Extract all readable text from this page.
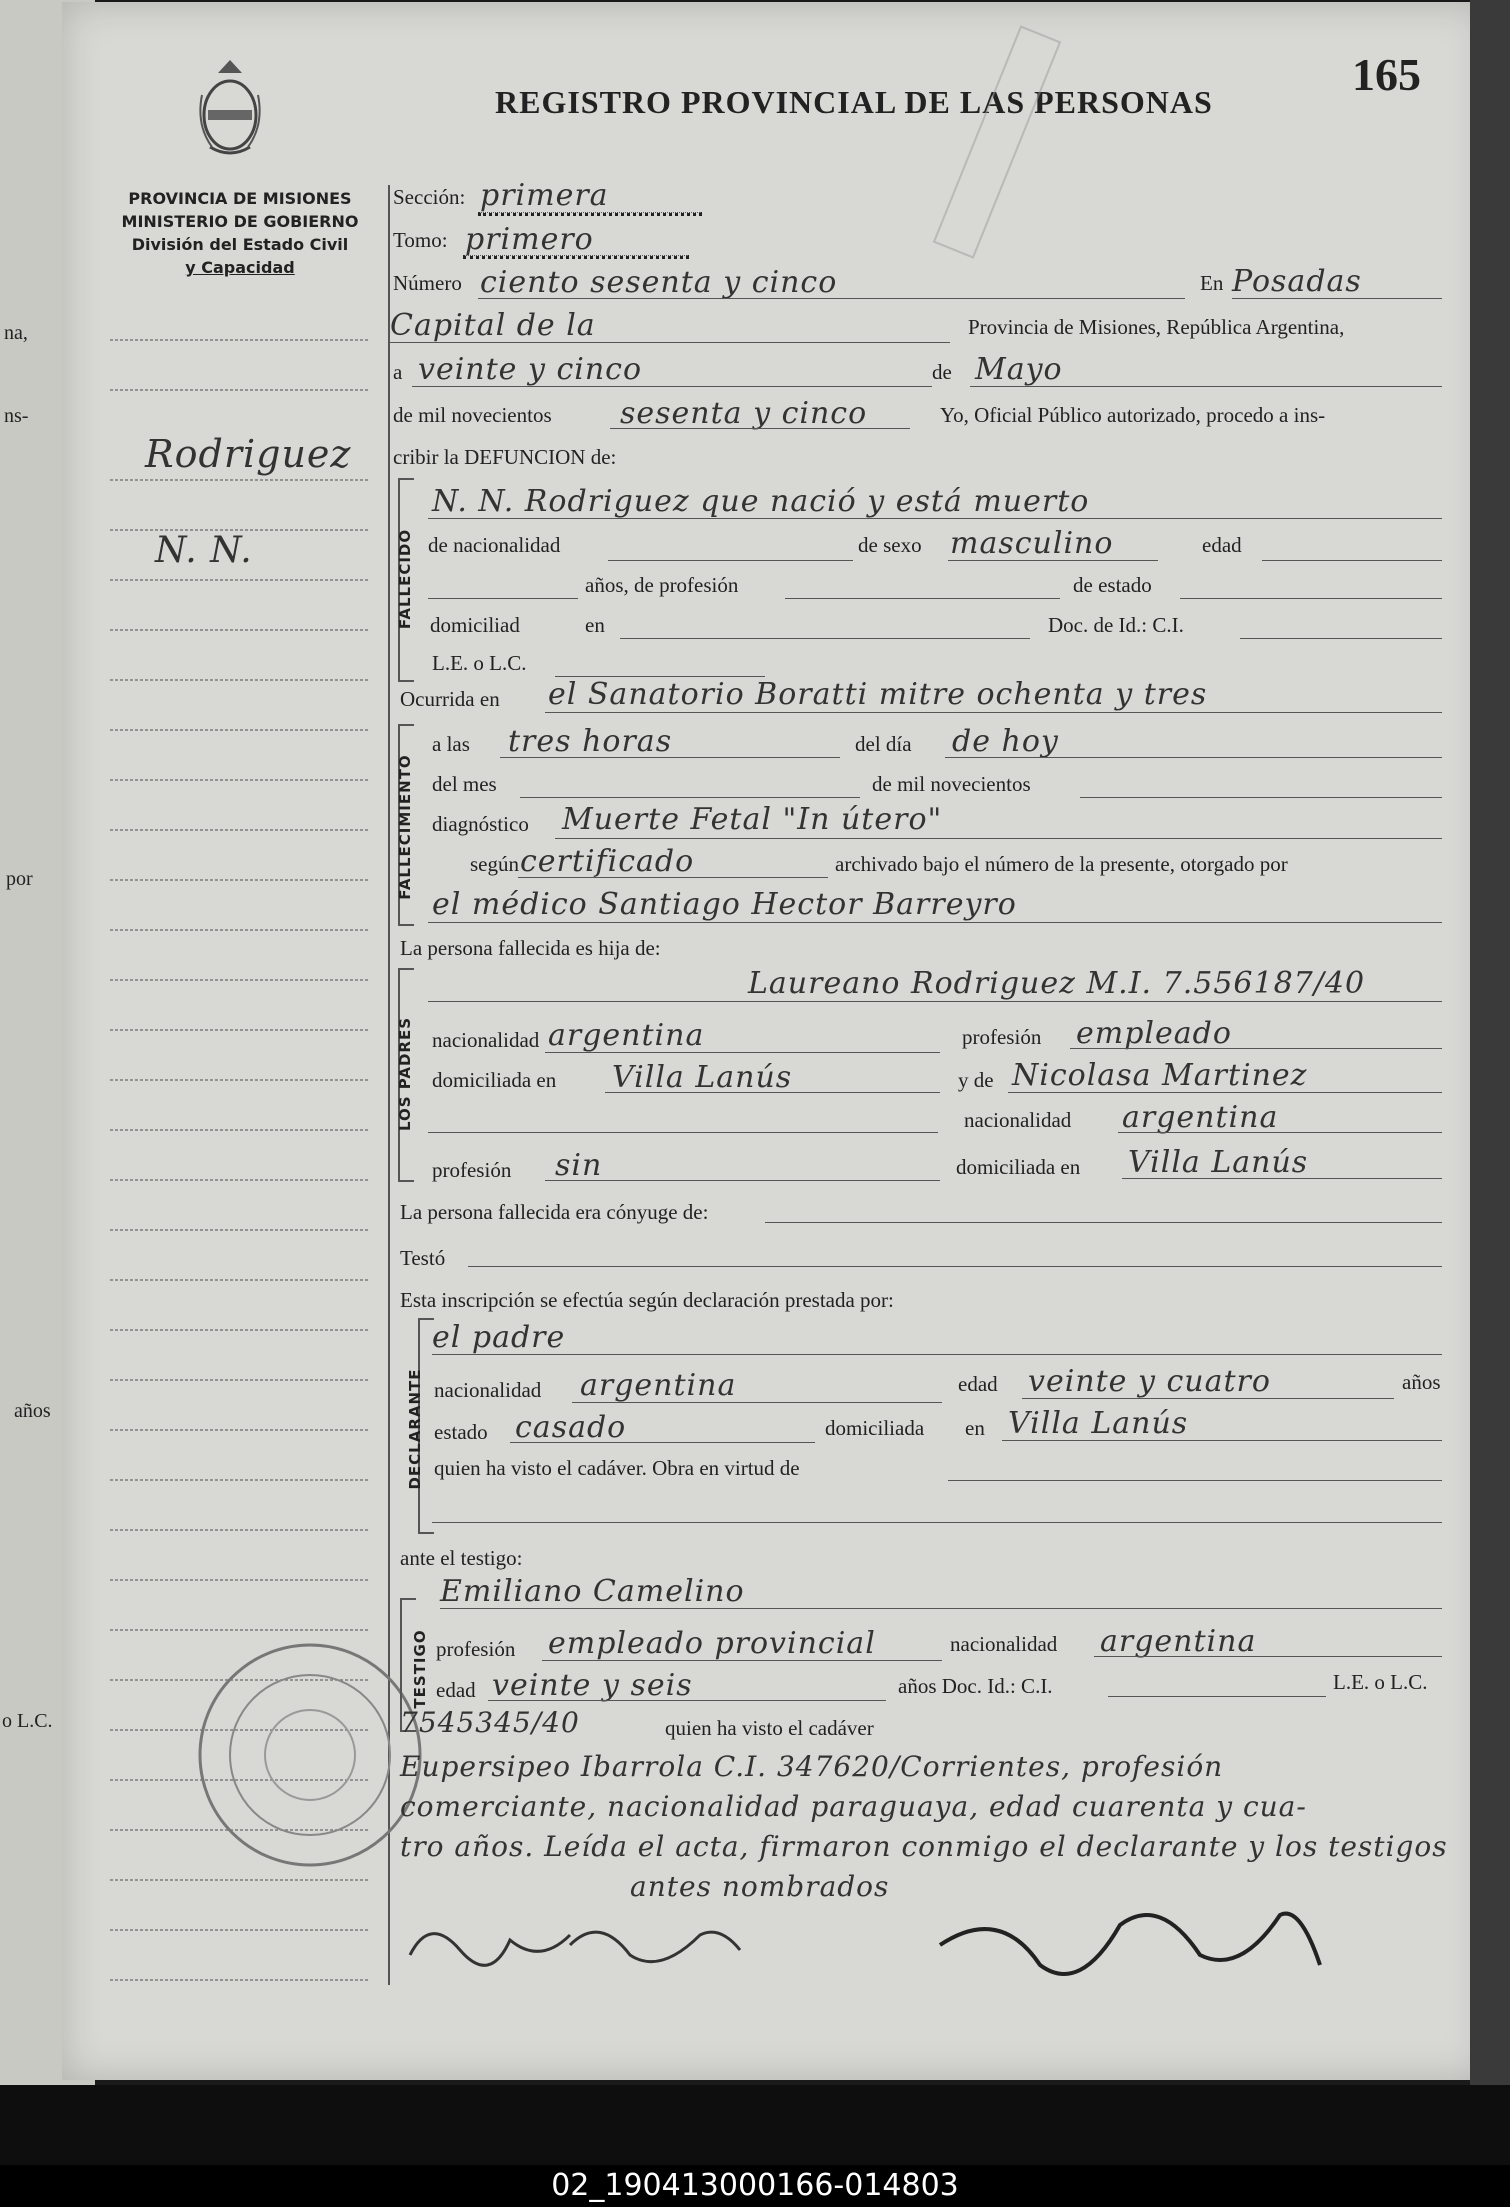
na,
ns-
por
años
o L.C.
PROVINCIA DE MISIONES
MINISTERIO DE GOBIERNO
División del Estado Civil
y Capacidad
REGISTRO PROVINCIAL DE LAS PERSONAS
165
Rodriguez
N. N.
Sección: primera
Tomo: primero
Número ciento sesenta y cinco	En Posadas
Capital de la	Provincia de Misiones, República Argentina,
a veinte y cinco	de Mayo
de mil novecientos sesenta y cinco	Yo, Oficial Público autorizado, procedo a ins-
cribir la DEFUNCION de:
FALLECIDO
N. N. Rodriguez que nació y está muerto
de nacionalidad	de sexo masculino	edad
años, de profesión	de estado
domiciliad	en	Doc. de Id.: C.I.
L.E. o L.C.
Ocurrida en el Sanatorio Boratti mitre ochenta y tres
FALLECIMIENTO
a las tres horas	del día de hoy
del mes	de mil novecientos
diagnóstico Muerte Fetal "In útero"
según certificado	archivado bajo el número de la presente, otorgado por
el médico Santiago Hector Barreyro
La persona fallecida es hija de:
LOS PADRES
Laureano Rodriguez M.I. 7.556187/40
nacionalidad argentina	profesión empleado
domiciliada en Villa Lanús	y de Nicolasa Martinez
nacionalidad argentina
profesión sin	domiciliada en Villa Lanús
La persona fallecida era cónyuge de:
Testó
Esta inscripción se efectúa según declaración prestada por:
DECLARANTE
el padre
nacionalidad argentina	edad veinte y cuatro	años
estado casado	domiciliada en Villa Lanús
quien ha visto el cadáver. Obra en virtud de
ante el testigo:
TESTIGO
Emiliano Camelino
profesión empleado provincial	nacionalidad argentina
edad veinte y seis	años Doc. Id.: C.I.	L.E. o L.C.
7545345/40	quien ha visto el cadáver
Eupersipeo Ibarrola C.I. 347620/Corrientes, profesión
comerciante, nacionalidad paraguaya, edad cuarenta y cua-
tro años. Leída el acta, firmaron conmigo el declarante y los testigos
antes nombrados
02_190413000166-014803
